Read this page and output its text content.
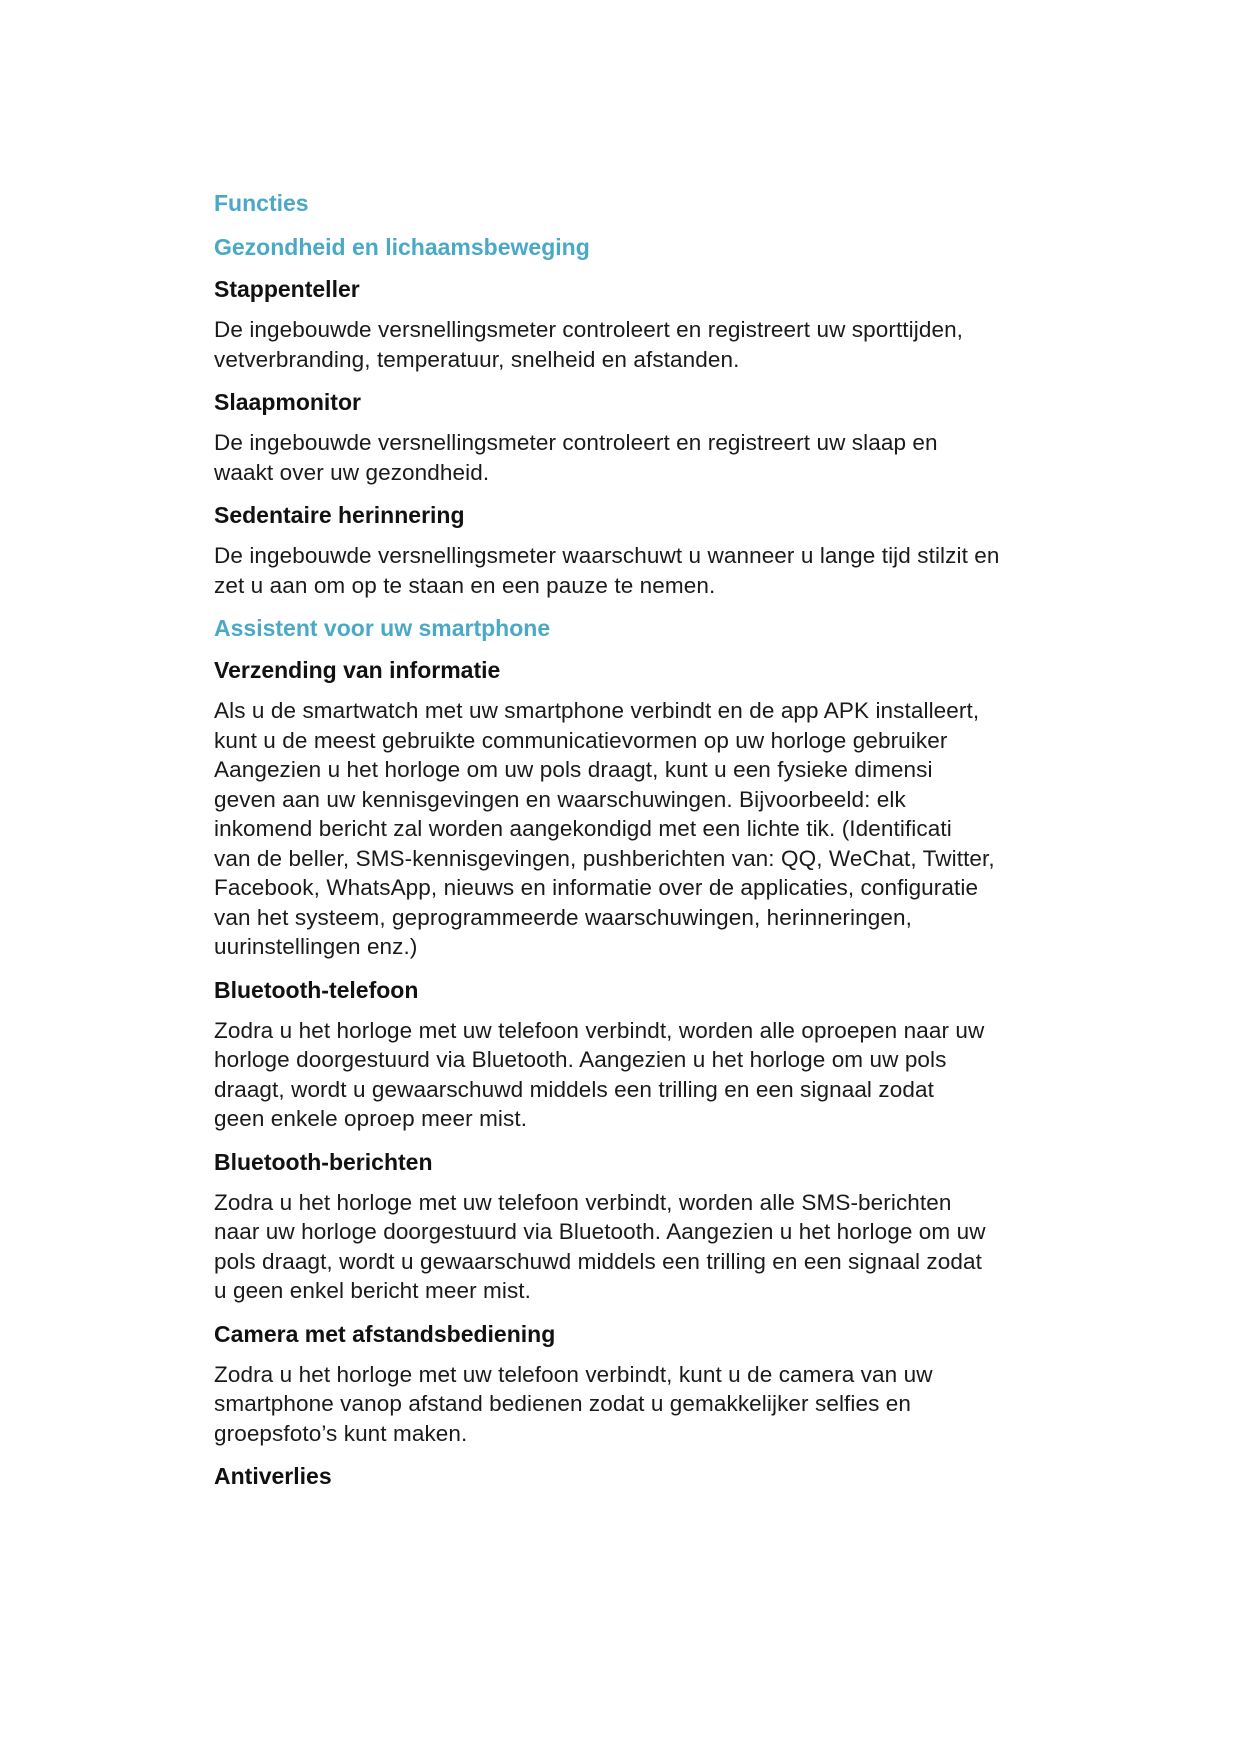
Functies
Gezondheid en lichaamsbeweging
Stappenteller

De ingebouwde versnellingsmeter controleert en registreert uw sporttijden,
vetverbranding, temperatuur, snelheid en afstanden.

Slaapmonitor

De ingebouwde versnellingsmeter controleert en registreert uw slaap en
waakt over uw gezondheid.

Sedentaire herinnering

De ingebouwde versnellingsmeter waarschuwt u wanneer u lange tijd stilzit en
zet u aan om op te staan en een pauze te nemen.

Assistent voor uw smartphone
Verzending van informatie

Als u de smartwatch met uw smartphone verbindt en de app APK installeert,
kunt u de meest gebruikte communicatievormen op uw horloge gebruiker
Aangezien u het horloge om uw pols draagt, kunt u een fysieke dimensi
geven aan uw kennisgevingen en waarschuwingen. Bijvoorbeeld: elk
inkomend bericht zal worden aangekondigd met een lichte tik. (Identificati
van de beller, SMS-kennisgevingen, pushberichten van: QQ, WeChat, Twitter,
Facebook, WhatsApp, nieuws en informatie over de applicaties, configuratie
van het systeem, geprogrammeerde waarschuwingen, herinneringen,
uurinstellingen enz.)

Bluetooth-telefoon

Zodra u het horloge met uw telefoon verbindt, worden alle oproepen naar uw
horloge doorgestuurd via Bluetooth. Aangezien u het horloge om uw pols
draagt, wordt u gewaarschuwd middels een trilling en een signaal zodat
geen enkele oproep meer mist.

Bluetooth-berichten

Zodra u het horloge met uw telefoon verbindt, worden alle SMS-berichten
naar uw horloge doorgestuurd via Bluetooth. Aangezien u het horloge om uw
pols draagt, wordt u gewaarschuwd middels een trilling en een signaal zodat
u geen enkel bericht meer mist.

Camera met afstandsbediening

Zodra u het horloge met uw telefoon verbindt, kunt u de camera van uw
smartphone vanop afstand bedienen zodat u gemakkelijker selfies en
groepsfoto’s kunt maken.

Antiverlies
